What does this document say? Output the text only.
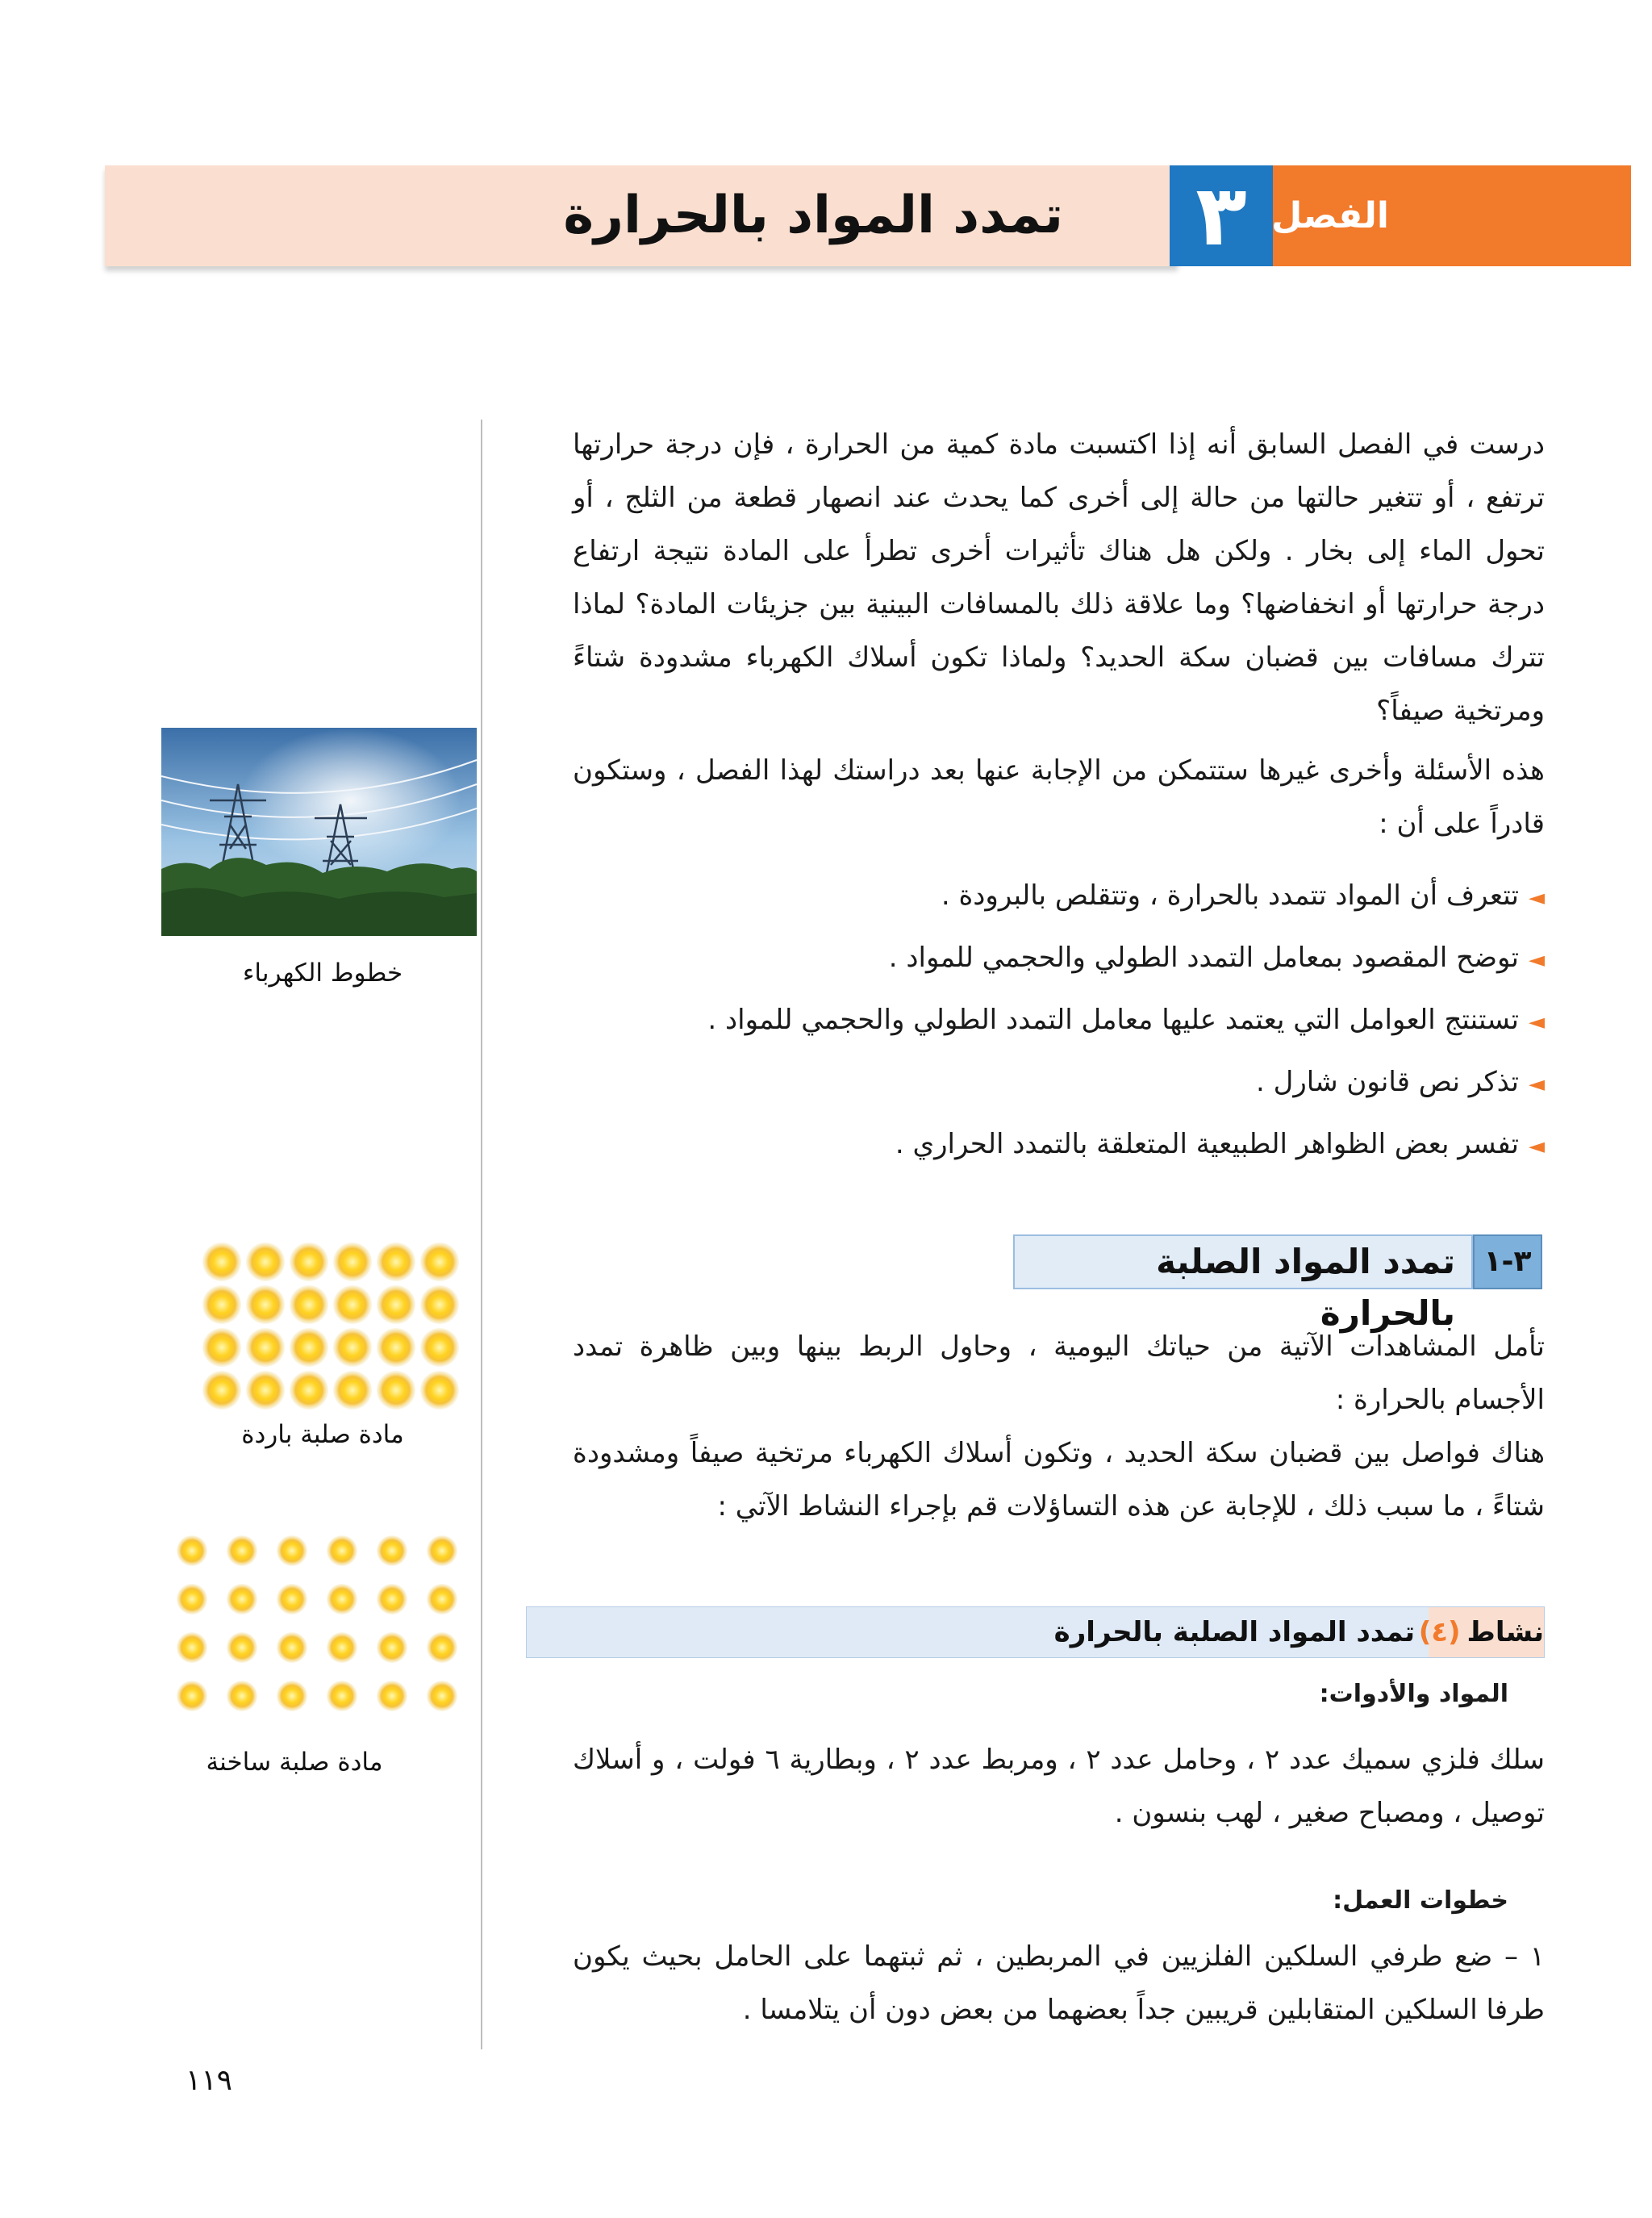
تمدد المواد بالحرارة	٣ الفصل
درست في الفصل السابق أنه إذا اكتسبت مادة كمية من الحرارة ، فإن درجة حرارتها ترتفع ، أو تتغير حالتها من حالة إلى أخرى كما يحدث عند انصهار قطعة من الثلج ، أو تحول الماء إلى بخار . ولكن هل هناك تأثيرات أخرى تطرأ على المادة نتيجة ارتفاع درجة حرارتها أو انخفاضها؟ وما علاقة ذلك بالمسافات البينية بين جزيئات المادة؟ لماذا تترك مسافات بين قضبان سكة الحديد؟ ولماذا تكون أسلاك الكهرباء مشدودة شتاءً ومرتخية صيفاً؟
هذه الأسئلة وأخرى غيرها ستتمكن من الإجابة عنها بعد دراستك لهذا الفصل ، وستكون قادراً على أن :
◄تتعرف أن المواد تتمدد بالحرارة ، وتتقلص بالبرودة .
◄توضح المقصود بمعامل التمدد الطولي والحجمي للمواد .
◄تستنتج العوامل التي يعتمد عليها معامل التمدد الطولي والحجمي للمواد .
◄تذكر نص قانون شارل .
◄تفسر بعض الظواهر الطبيعية المتعلقة بالتمدد الحراري .
٣-١
تمدد المواد الصلبة بالحرارة
تأمل المشاهدات الآتية من حياتك اليومية ، وحاول الربط بينها وبين ظاهرة تمدد الأجسام بالحرارة :
هناك فواصل بين قضبان سكة الحديد ، وتكون أسلاك الكهرباء مرتخية صيفاً ومشدودة شتاءً ، ما سبب ذلك ، للإجابة عن هذه التساؤلات قم بإجراء النشاط الآتي :
نشاط(٤)
تمدد المواد الصلبة بالحرارة
المواد والأدوات:
سلك فلزي سميك عدد ٢ ، وحامل عدد ٢ ، ومربط عدد ٢ ، وبطارية ٦ فولت ، و أسلاك توصيل ، ومصباح صغير ، لهب بنسون .
خطوات العمل:
١ – ضع طرفي السلكين الفلزيين في المربطين ، ثم ثبتهما على الحامل بحيث يكون طرفا السلكين المتقابلين قريبين جداً بعضهما من بعض دون أن يتلامسا .
خطوط الكهرباء
مادة صلبة باردة
مادة صلبة ساخنة
١١٩
